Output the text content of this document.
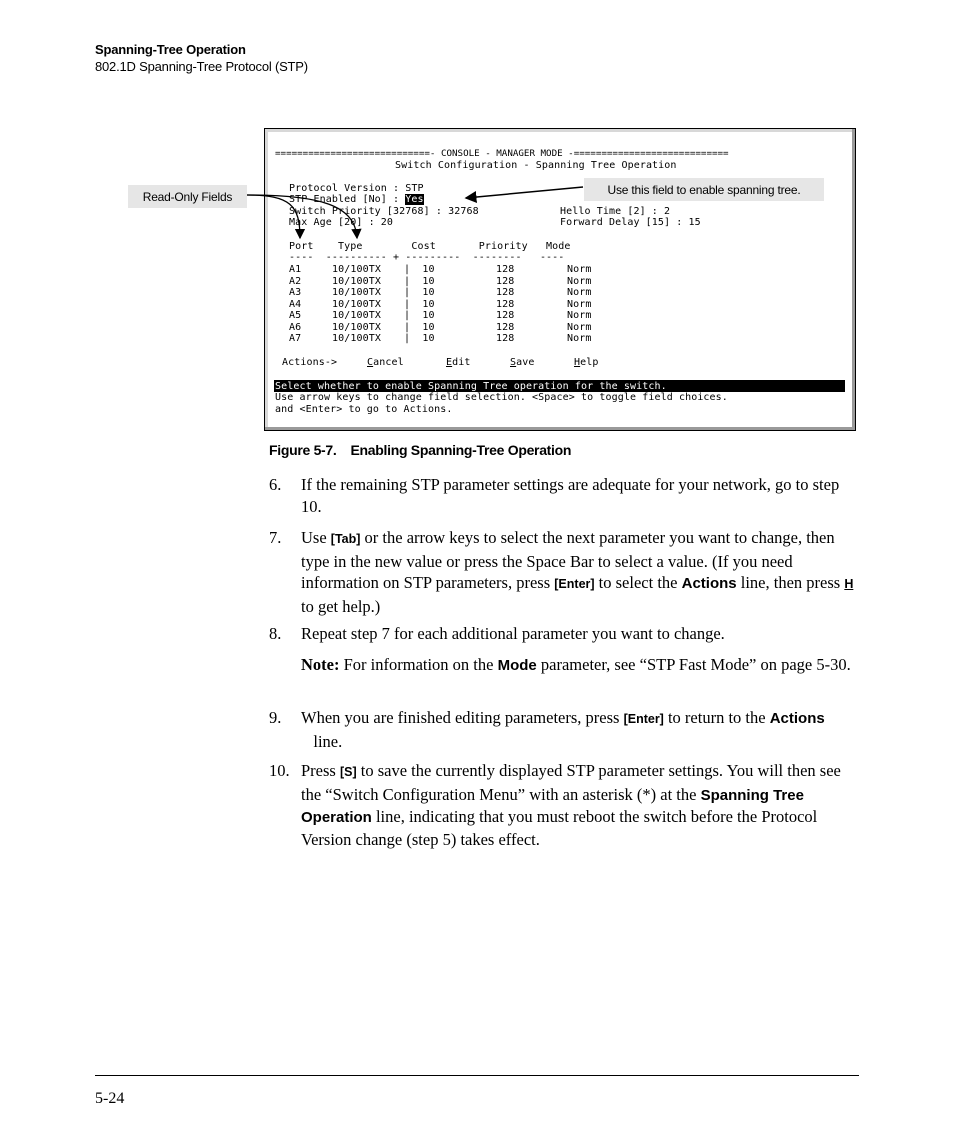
Spanning-Tree Operation
802.1D Spanning-Tree Protocol (STP)
============================- CONSOLE - MANAGER MODE -============================
Switch Configuration - Spanning Tree Operation
Protocol Version : STP
STP Enabled [No] : Yes
Switch Priority [32768] : 32768	Hello Time [2] : 2
Max Age [20] : 20	Forward Delay [15] : 15
Port    Type        Cost       Priority   Mode
----  ---------- + ---------  --------   ----
A1	10/100TX |  10	128	Norm
A2	10/100TX |  10	128	Norm
A3	10/100TX |  10	128	Norm
A4	10/100TX |  10	128	Norm
A5	10/100TX |  10	128	Norm
A6	10/100TX |  10	128	Norm
A7	10/100TX |  10	128	Norm
Actions->	Cancel	Edit	Save	Help
Select whether to enable Spanning Tree operation for the switch.
Use arrow keys to change field selection. <Space> to toggle field choices.
and <Enter> to go to Actions.
Read-Only Fields	Use this field to enable spanning tree.
Figure 5-7. Enabling Spanning-Tree Operation
6. If the remaining STP parameter settings are adequate for your network, go to step 10.
7. Use [Tab] or the arrow keys to select the next parameter you want to change, then type in the new value or press the Space Bar to select a value. (If you need information on STP parameters, press [Enter] to select the Actions line, then press H to get help.)
8. Repeat step 7 for each additional parameter you want to change.
Note: For information on the Mode parameter, see “STP Fast Mode” on page 5-30.
9. When you are finished editing parameters, press [Enter] to return to the Actions   line.
10. Press [S] to save the currently displayed STP parameter settings. You will then see the “Switch Configuration Menu” with an asterisk (*) at the Spanning Tree Operation line, indicating that you must reboot the switch before the Protocol Version change (step 5) takes effect.
5-24
